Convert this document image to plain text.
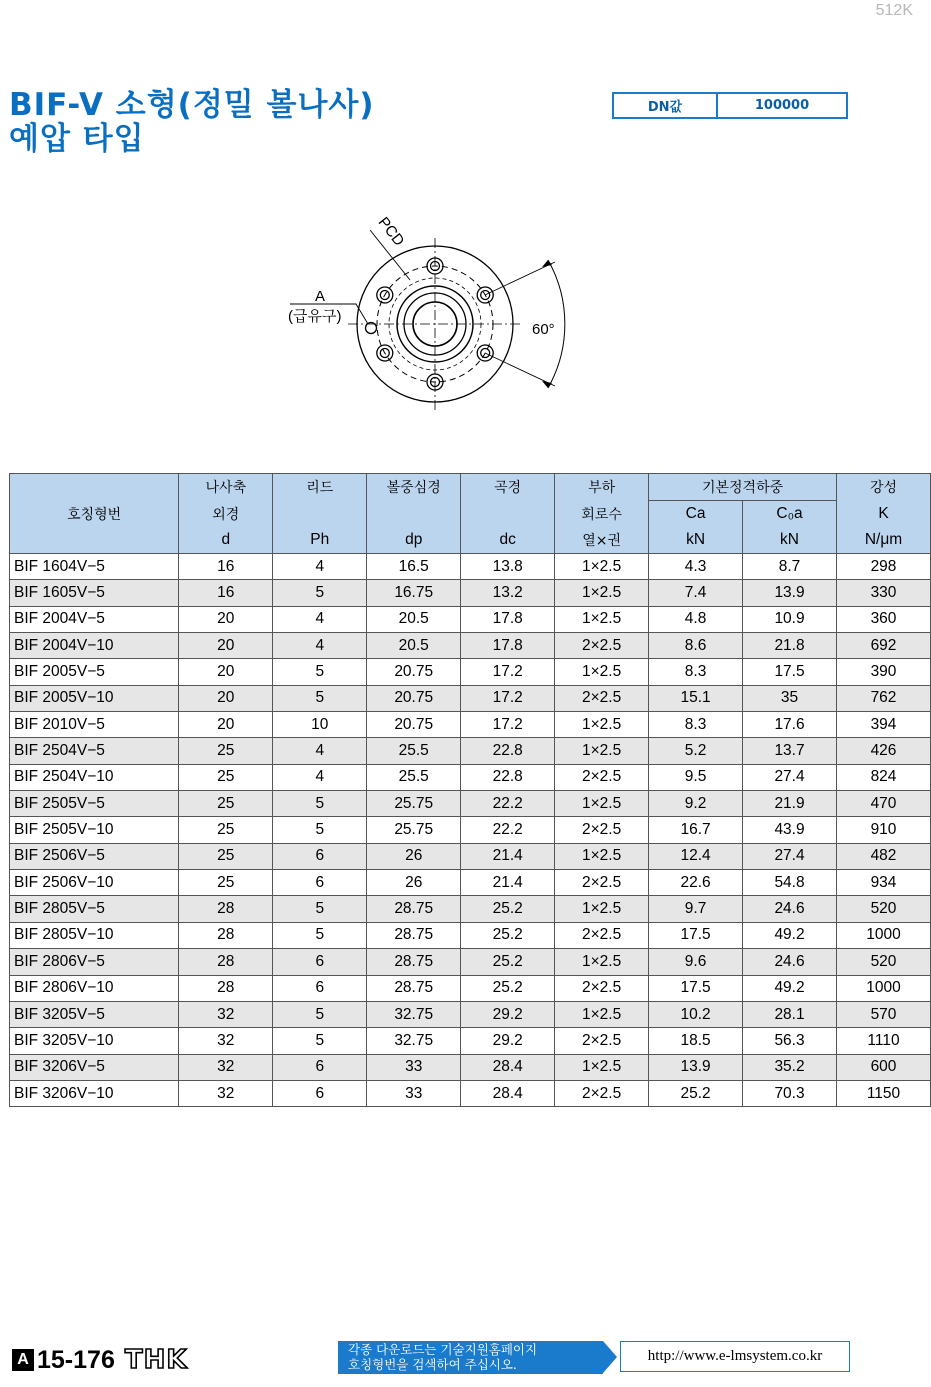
512K
BIF-V 소형(정밀 볼나사)
예압 타입
DN값	100000
PCD
A
(급유구)
60°
	나사축	리드	볼중심경	곡경	부하	기본정격하중		강성
호칭형번	외경				회로수	Ca	C₀a	K
	d	Ph	dp	dc	열×권	kN	kN	N/μm
BIF 1604V−5	16	4	16.5	13.8	1×2.5	4.3	8.7	298
BIF 1605V−5	16	5	16.75	13.2	1×2.5	7.4	13.9	330
BIF 2004V−5	20	4	20.5	17.8	1×2.5	4.8	10.9	360
BIF 2004V−10	20	4	20.5	17.8	2×2.5	8.6	21.8	692
BIF 2005V−5	20	5	20.75	17.2	1×2.5	8.3	17.5	390
BIF 2005V−10	20	5	20.75	17.2	2×2.5	15.1	35	762
BIF 2010V−5	20	10	20.75	17.2	1×2.5	8.3	17.6	394
BIF 2504V−5	25	4	25.5	22.8	1×2.5	5.2	13.7	426
BIF 2504V−10	25	4	25.5	22.8	2×2.5	9.5	27.4	824
BIF 2505V−5	25	5	25.75	22.2	1×2.5	9.2	21.9	470
BIF 2505V−10	25	5	25.75	22.2	2×2.5	16.7	43.9	910
BIF 2506V−5	25	6	26	21.4	1×2.5	12.4	27.4	482
BIF 2506V−10	25	6	26	21.4	2×2.5	22.6	54.8	934
BIF 2805V−5	28	5	28.75	25.2	1×2.5	9.7	24.6	520
BIF 2805V−10	28	5	28.75	25.2	2×2.5	17.5	49.2	1000
BIF 2806V−5	28	6	28.75	25.2	1×2.5	9.6	24.6	520
BIF 2806V−10	28	6	28.75	25.2	2×2.5	17.5	49.2	1000
BIF 3205V−5	32	5	32.75	29.2	1×2.5	10.2	28.1	570
BIF 3205V−10	32	5	32.75	29.2	2×2.5	18.5	56.3	1110
BIF 3206V−5	32	6	33	28.4	1×2.5	13.9	35.2	600
BIF 3206V−10	32	6	33	28.4	2×2.5	25.2	70.3	1150
A 15-176 THK	각종 다운로드는 기술지원홈페이지
호칭형번을 검색하여 주십시오.
http://www.e-lmsystem.co.kr
